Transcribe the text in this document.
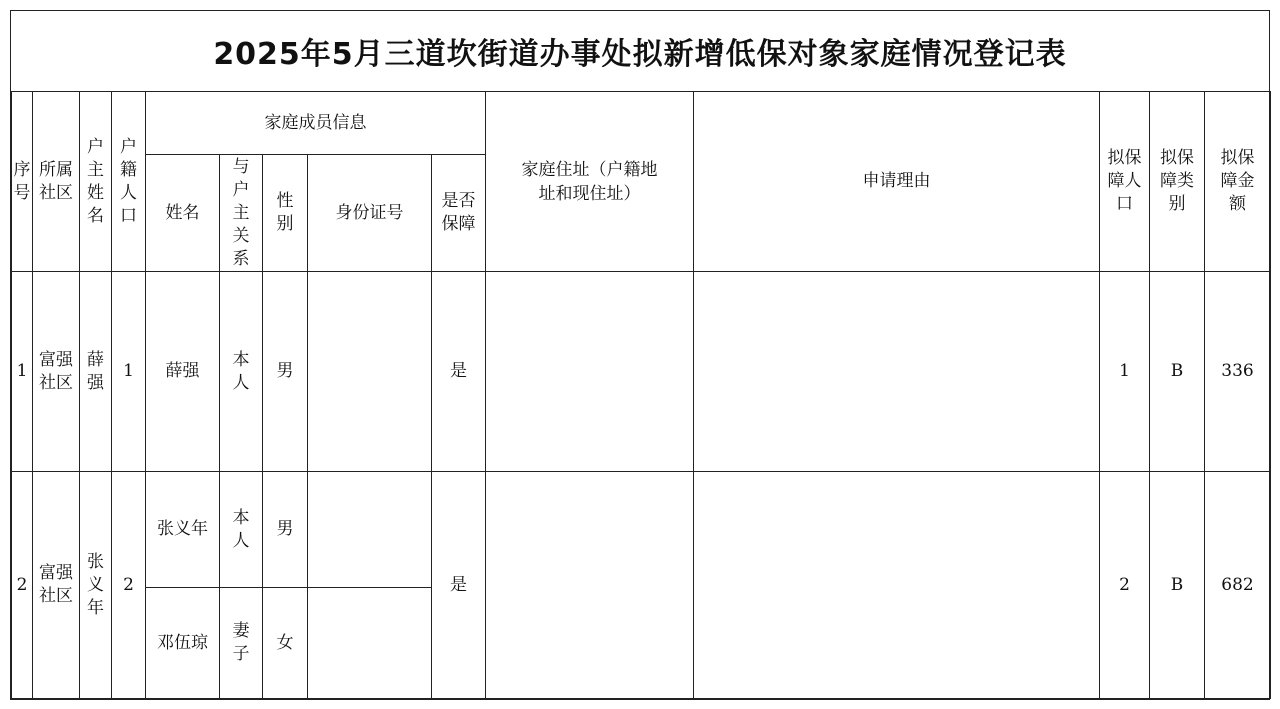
2025年5月三道坎街道办事处拟新增低保对象家庭情况登记表
序号	所属社区	户主姓名	户籍人口	家庭成员信息					家庭住址（户籍地址和现住址）	申请理由	拟保障人口	拟保障类别	拟保障金额
				姓名	与户主关系	性别	身份证号	是否保障					
1	富强社区	薛强	1	薛强	本人	男		是			1	B	336
2	富强社区	张义年	2	张义年	本人	男		是			2	B	682
				邓伍琼	妻子	女							
